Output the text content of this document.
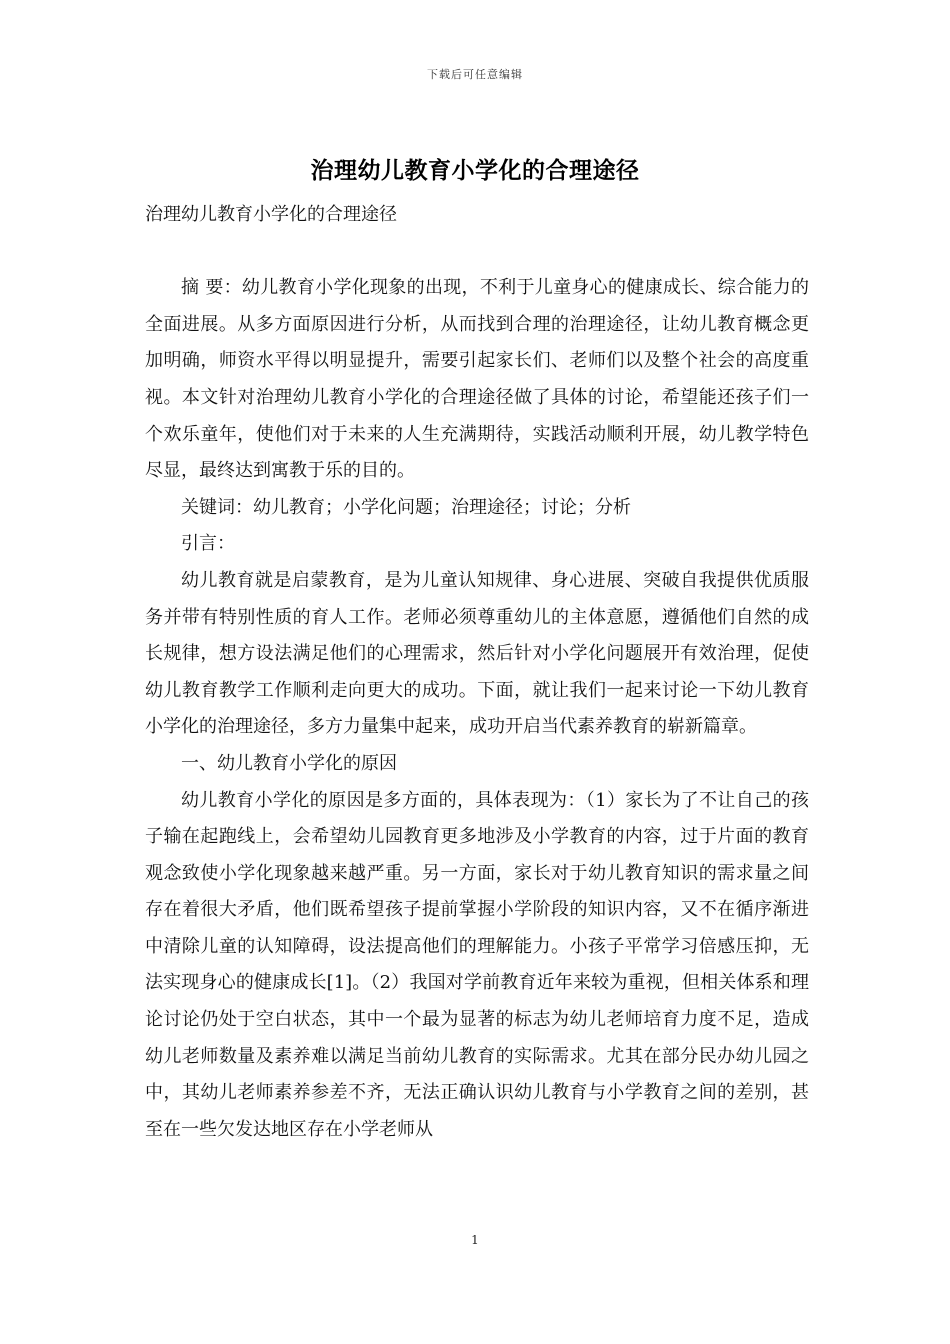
下载后可任意编辑
治理幼儿教育小学化的合理途径

治理幼儿教育小学化的合理途径

摘 要：幼儿教育小学化现象的出现，不利于儿童身心的健康成长、综合能力的全面进展。从多方面原因进行分析，从而找到合理的治理途径，让幼儿教育概念更加明确，师资水平得以明显提升，需要引起家长们、老师们以及整个社会的高度重视。本文针对治理幼儿教育小学化的合理途径做了具体的讨论，希望能还孩子们一个欢乐童年，使他们对于未来的人生充满期待，实践活动顺利开展，幼儿教学特色尽显，最终达到寓教于乐的目的。

关键词：幼儿教育；小学化问题；治理途径；讨论；分析

引言：

幼儿教育就是启蒙教育，是为儿童认知规律、身心进展、突破自我提供优质服务并带有特别性质的育人工作。老师必须尊重幼儿的主体意愿，遵循他们自然的成长规律，想方设法满足他们的心理需求，然后针对小学化问题展开有效治理，促使幼儿教育教学工作顺利走向更大的成功。下面，就让我们一起来讨论一下幼儿教育小学化的治理途径，多方力量集中起来，成功开启当代素养教育的崭新篇章。

一、幼儿教育小学化的原因

幼儿教育小学化的原因是多方面的，具体表现为：（1）家长为了不让自己的孩子输在起跑线上，会希望幼儿园教育更多地涉及小学教育的内容，过于片面的教育观念致使小学化现象越来越严重。另一方面，家长对于幼儿教育知识的需求量之间存在着很大矛盾，他们既希望孩子提前掌握小学阶段的知识内容，又不在循序渐进中清除儿童的认知障碍，设法提高他们的理解能力。小孩子平常学习倍感压抑，无法实现身心的健康成长[1]。（2）我国对学前教育近年来较为重视，但相关体系和理论讨论仍处于空白状态，其中一个最为显著的标志为幼儿老师培育力度不足，造成幼儿老师数量及素养难以满足当前幼儿教育的实际需求。尤其在部分民办幼儿园之中，其幼儿老师素养参差不齐，无法正确认识幼儿教育与小学教育之间的差别，甚至在一些欠发达地区存在小学老师从

1
